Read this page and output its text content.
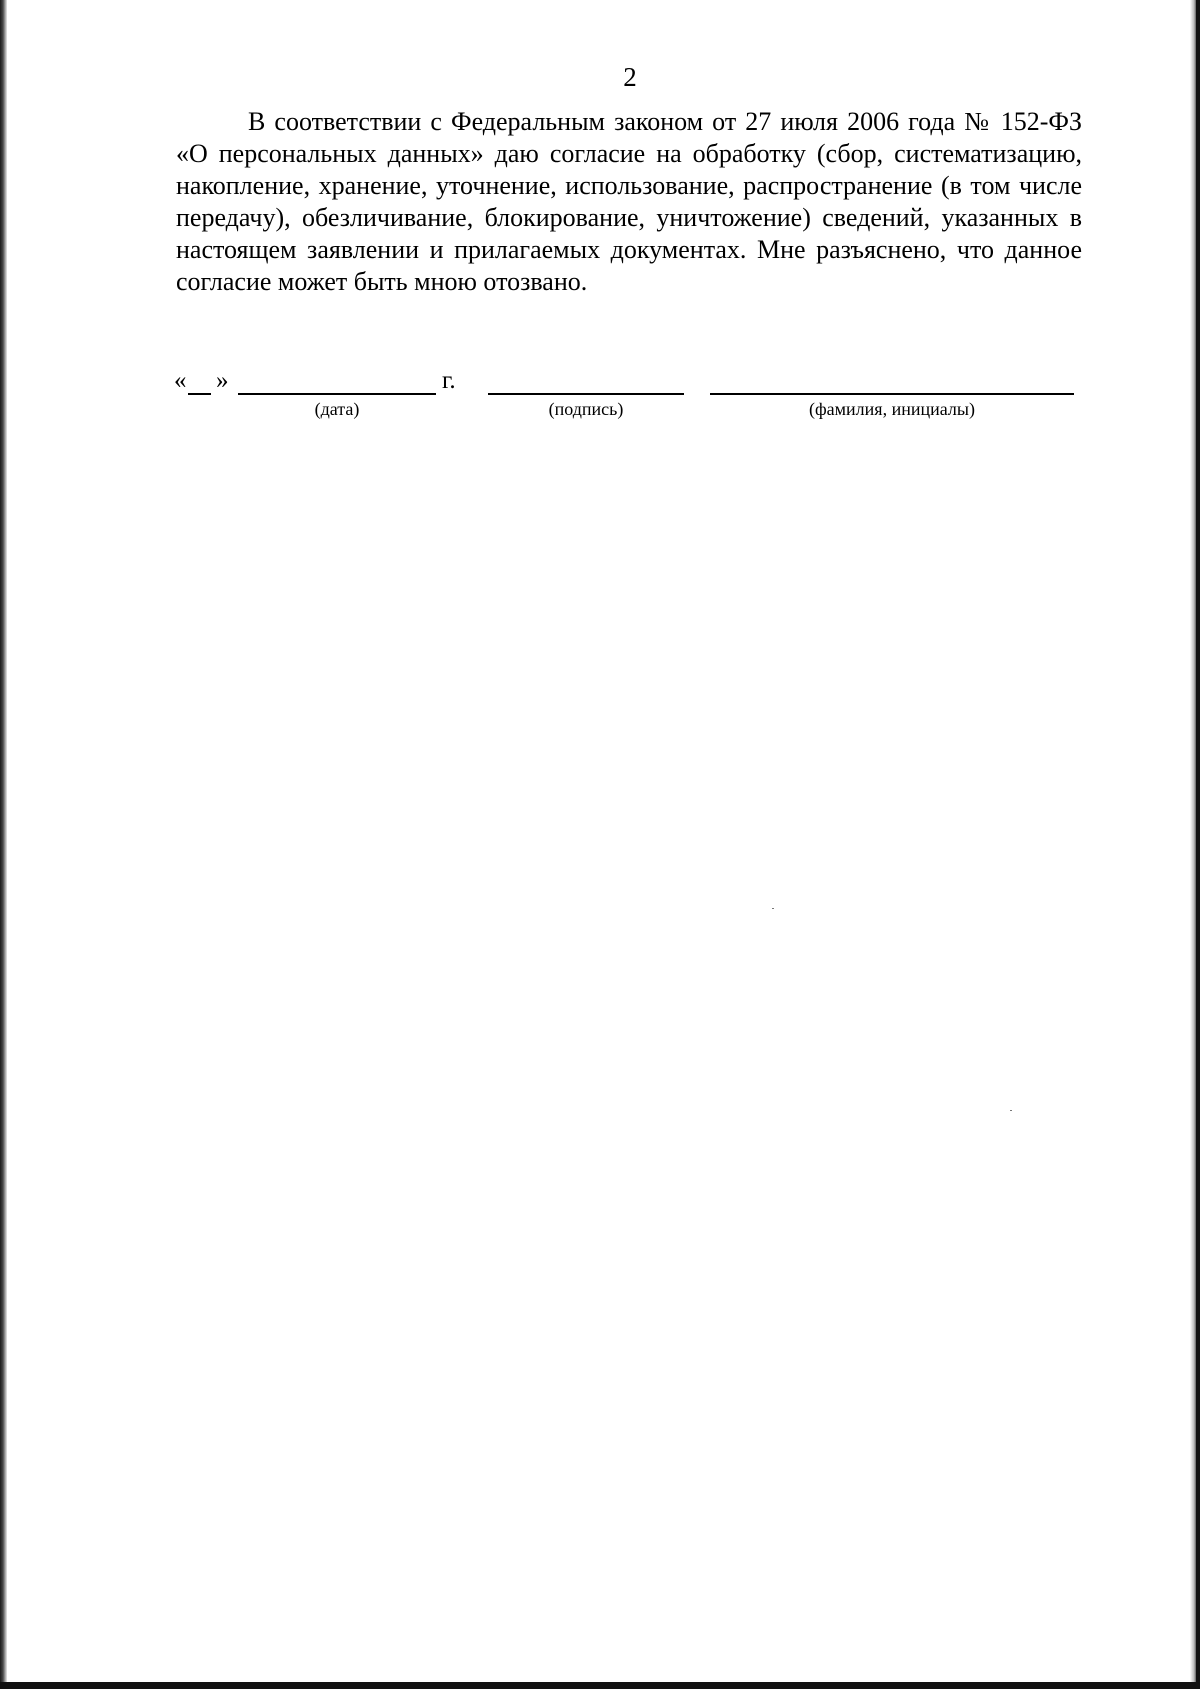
2
В соответствии с Федеральным законом от 27 июля 2006 года № 152-ФЗ «О персональных данных» даю согласие на обработку (сбор, систематизацию, накопление, хранение, уточнение, использование, распространение (в том числе передачу), обезличивание, блокирование, уничтожение) сведений, указанных в настоящем заявлении и прилагаемых документах. Мне разъяснено, что данное согласие может быть мною отозвано.
« »	г.
(дата)	(подпись)	(фамилия, инициалы)
